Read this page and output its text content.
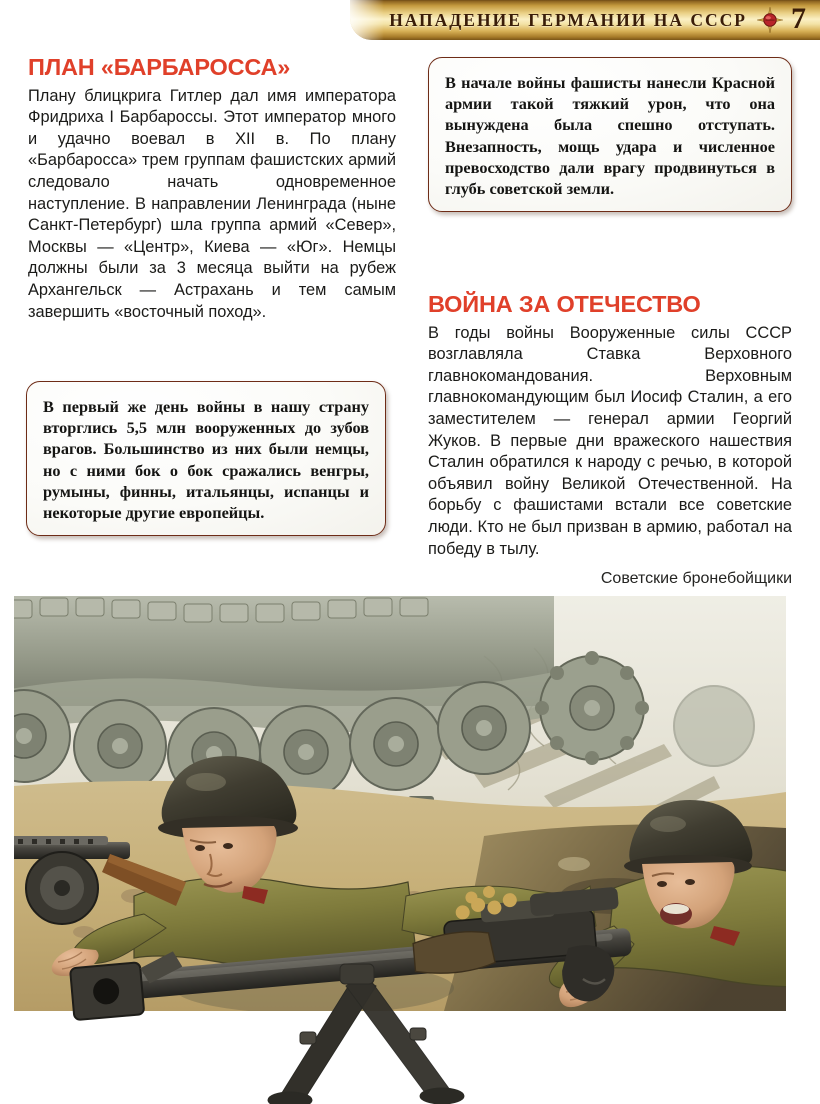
НАПАДЕНИЕ ГЕРМАНИИ НА СССР 7
ПЛАН «БАРБАРОССА»

Плану блицкрига Гитлер дал имя императора Фридриха I Барбароссы. Этот император много и удачно воевал в XII в. По плану «Барбаросса» трем группам фашистских армий следовало начать одновременное наступление. В направлении Ленинграда (ныне Санкт-Петербург) шла группа армий «Север», Москвы — «Центр», Киева — «Юг». Немцы должны были за 3 месяца выйти на рубеж Архангельск — Астрахань и тем самым завершить «восточный поход».	ВОЙНА ЗА ОТЕЧЕСТВО

В годы войны Вооруженные силы СССР возглавляла Ставка Верховного главнокомандования. Верховным главнокомандующим был Иосиф Сталин, а его заместителем — генерал армии Георгий Жуков. В первые дни вражеского нашествия Сталин обратился к народу с речью, в которой объявил войну Великой Отечественной. На борьбу с фашистами встали все советские люди. Кто не был призван в армию, работал на победу в тылу.

В начале войны фашисты нанесли Красной армии такой тяжкий урон, что она вынуждена была спешно отступать. Внезапность, мощь удара и численное превосходство дали врагу продвинуться в глубь советской земли.

В первый же день войны в нашу страну вторглись 5,5 млн вооруженных до зубов врагов. Большинство из них были немцы, но с ними бок о бок сражались венгры, румыны, финны, итальянцы, испанцы и некоторые другие европейцы.

Советские бронебойщики
